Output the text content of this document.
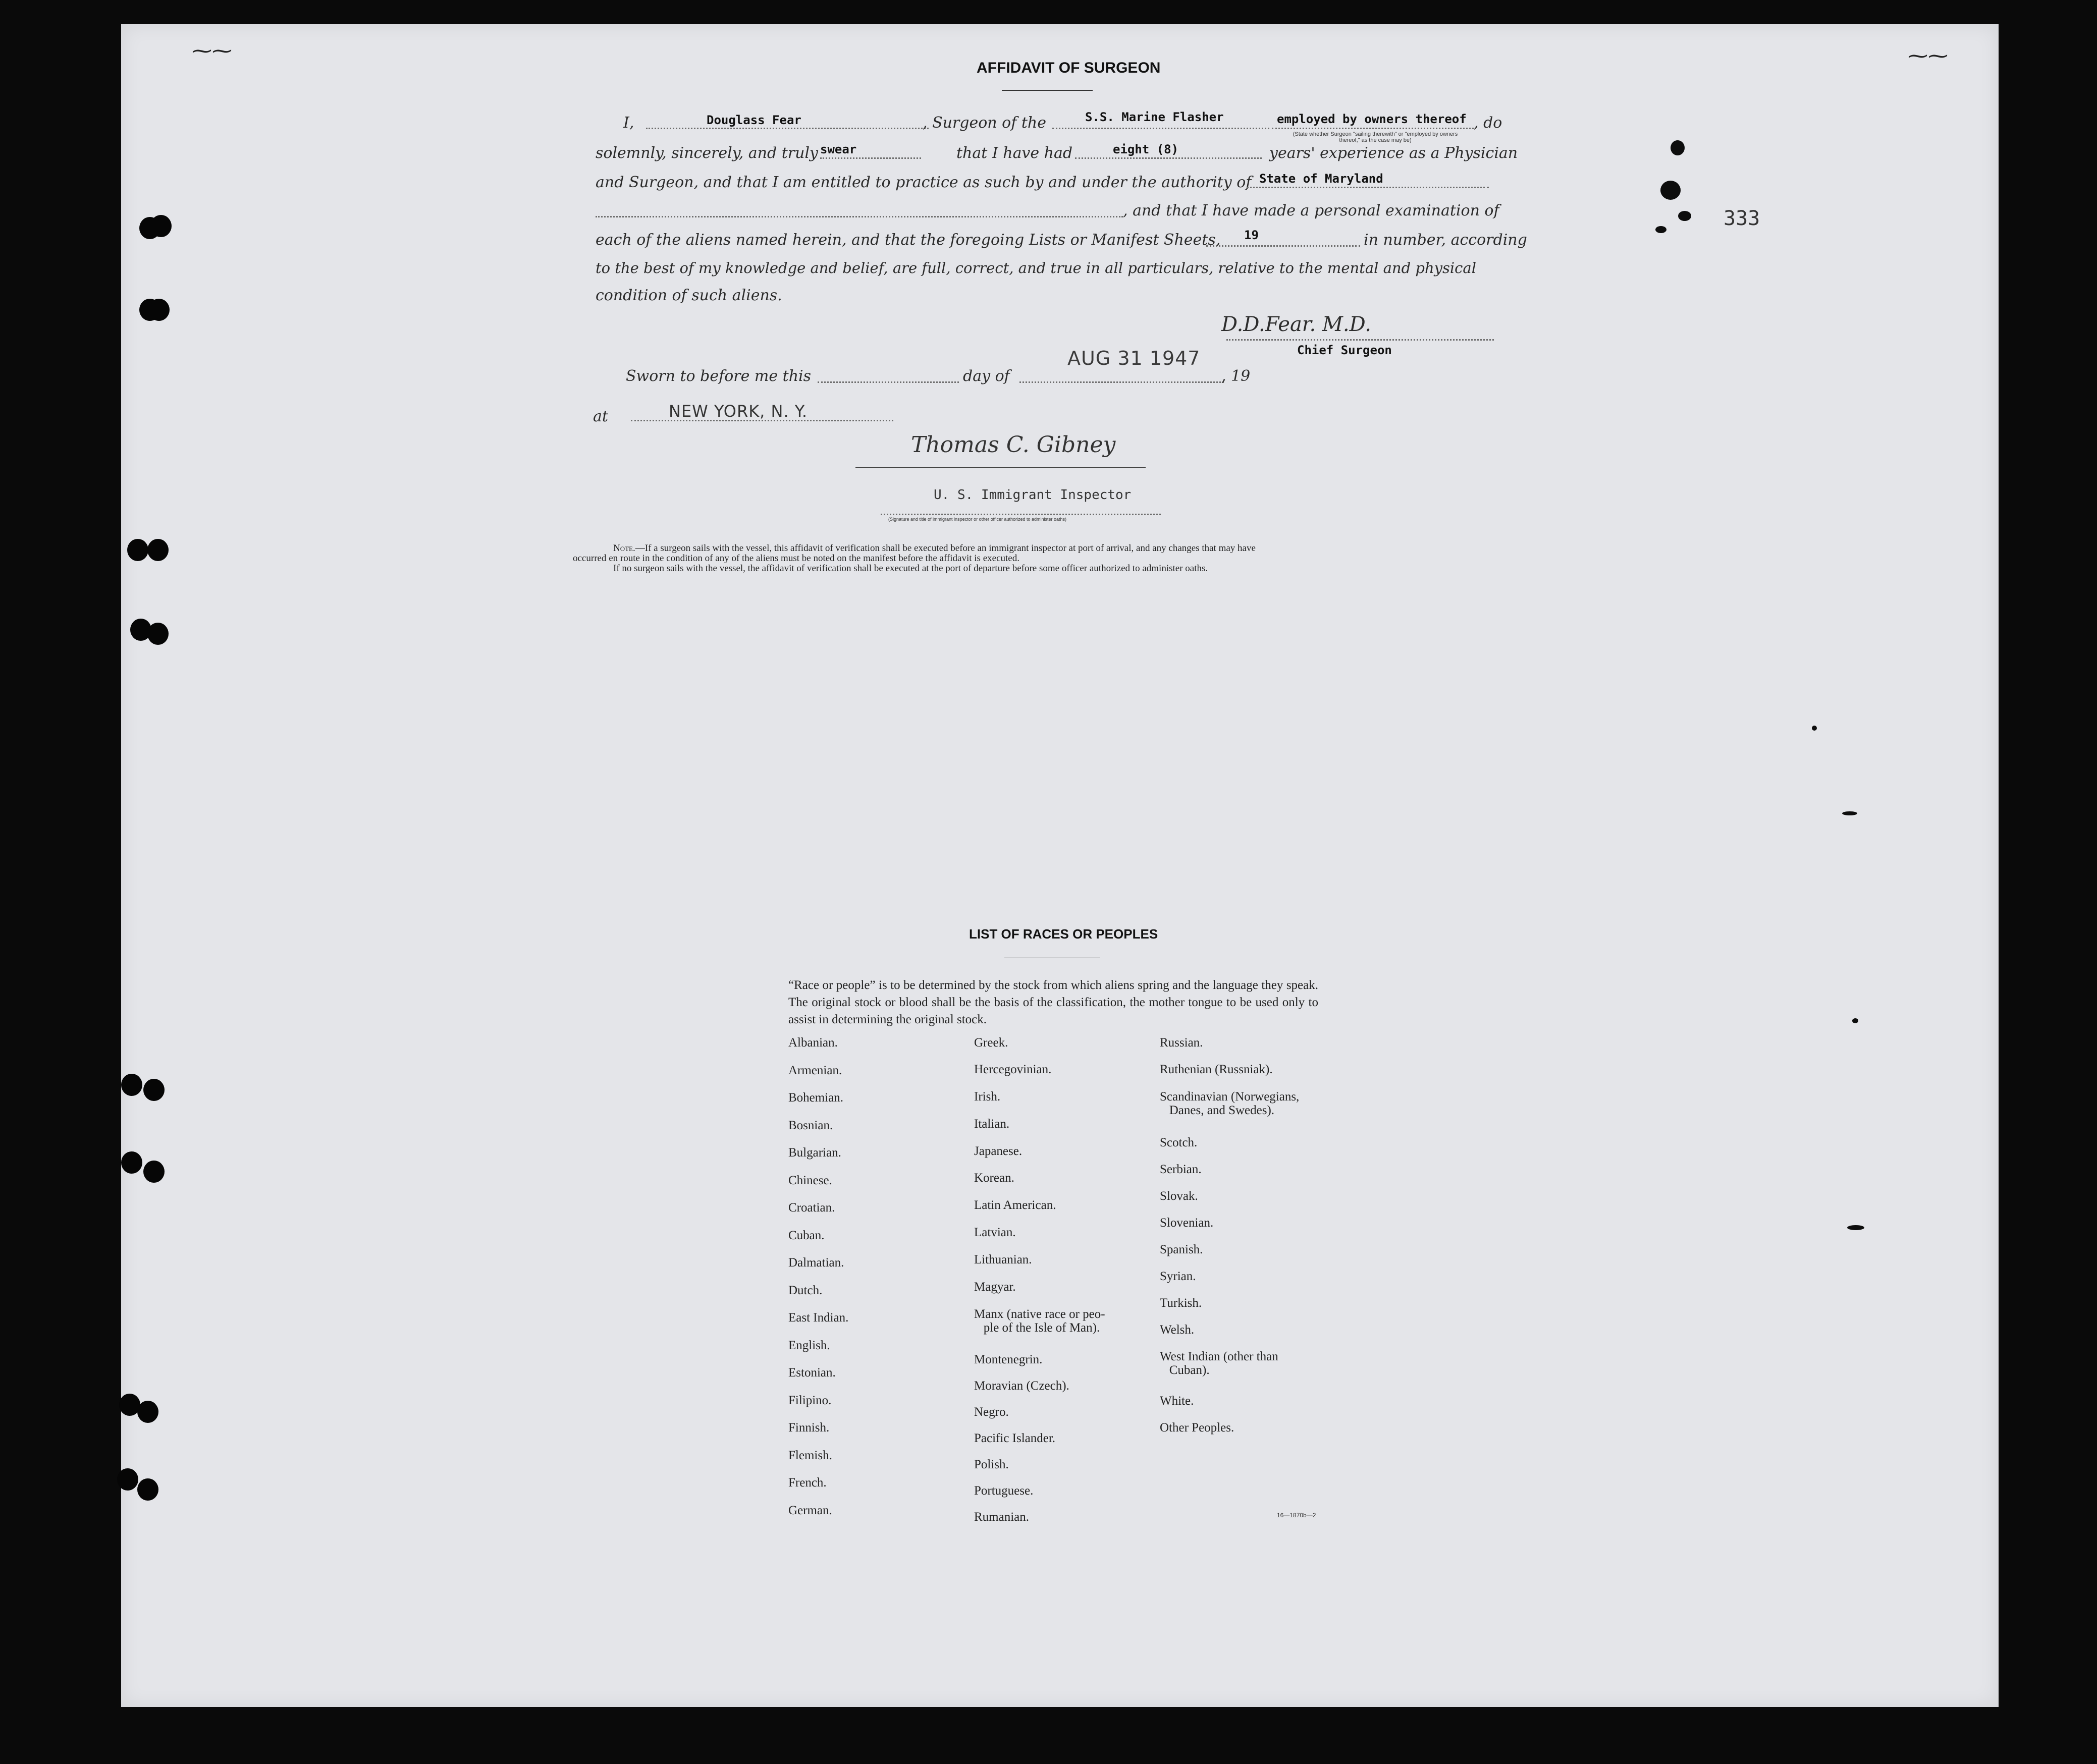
⁓⁓	⁓⁓
AFFIDAVIT OF SURGEON
I,	Douglass Fear	, Surgeon of the	S.S. Marine Flasher	employed by owners thereof , do
(State whether Surgeon "sailing therewith" or "employed by owners thereof," as the case may be)
solemnly, sincerely, and truly swear	that I have had	eight (8)	years' experience as a Physician
and Surgeon, and that I am entitled to practice as such by and under the authority of State of Maryland
, and that I have made a personal examination of
each of the aliens named herein, and that the foregoing Lists or Manifest Sheets, 19	in number, according
to the best of my knowledge and belief, are full, correct, and true in all particulars, relative to the mental and physical
condition of such aliens.
D.D.Fear. M.D.
Chief Surgeon
Sworn to before me this	day of
AUG 31 1947
, 19
at	NEW YORK, N. Y.
Thomas C. Gibney
U. S. Immigrant Inspector
(Signature and title of immigrant inspector or other officer authorized to administer oaths)
Note.—If a surgeon sails with the vessel, this affidavit of verification shall be executed before an immigrant inspector at port of arrival, and any changes that may have
occurred en route in the condition of any of the aliens must be noted on the manifest before the affidavit is executed.
If no surgeon sails with the vessel, the affidavit of verification shall be executed at the port of departure before some officer authorized to administer oaths.
333
LIST OF RACES OR PEOPLES
“Race or people” is to be determined by the stock from which aliens spring and the language they speak. The original stock or blood shall be the basis of the classification, the mother tongue to be used only to assist in determining the original stock.
Albanian.
Armenian.
Bohemian.
Bosnian.
Bulgarian.
Chinese.
Croatian.
Cuban.
Dalmatian.
Dutch.
East Indian.
English.
Estonian.
Filipino.
Finnish.
Flemish.
French.
German.
Greek.
Hercegovinian.
Irish.
Italian.
Japanese.
Korean.
Latin American.
Latvian.
Lithuanian.
Magyar.
Manx (native race or peo-
ple of the Isle of Man).
Montenegrin.
Moravian (Czech).
Negro.
Pacific Islander.
Polish.
Portuguese.
Rumanian.
Russian.
Ruthenian (Russniak).
Scandinavian (Norwegians,
Danes, and Swedes).
Scotch.
Serbian.
Slovak.
Slovenian.
Spanish.
Syrian.
Turkish.
Welsh.
West Indian (other than
Cuban).
White.
Other Peoples.
16—1870b—2
